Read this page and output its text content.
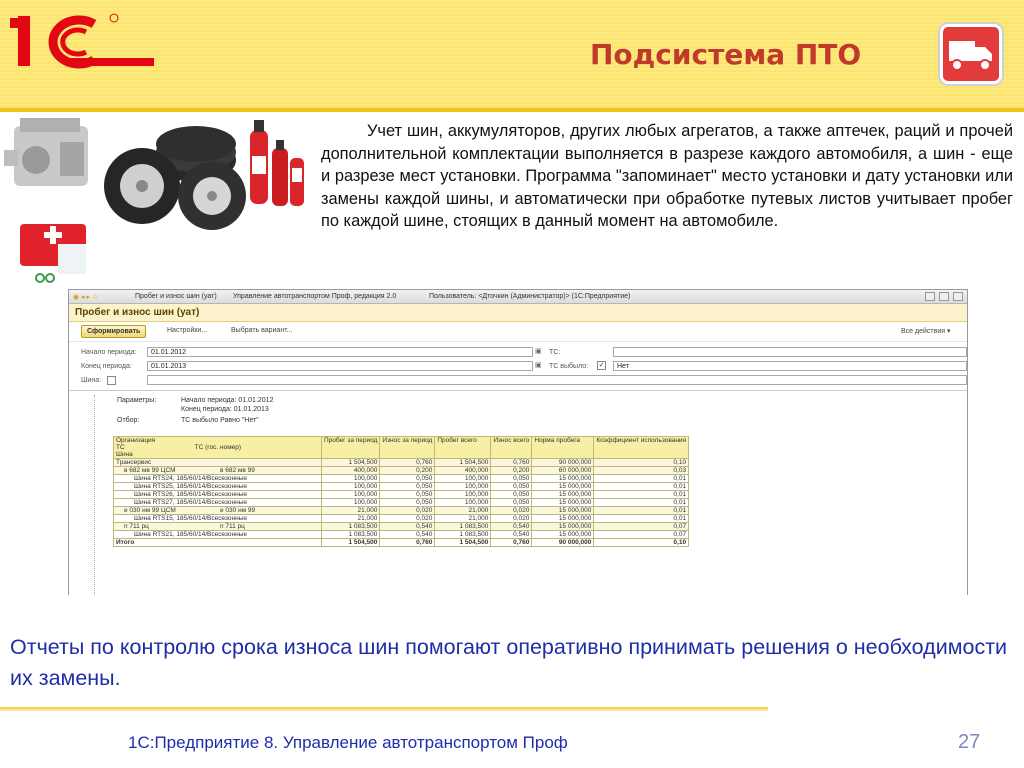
Подсистема ПТО
Учет шин, аккумуляторов, других любых агрегатов, а также аптечек, раций и прочей дополнительной комплектации выполняется в разрезе каждого автомобиля, а шин - еще и разрезе мест установки. Программа "запоминает" место установки и дату установки или замены каждой шины, и автоматически при обработке путевых листов учитывает пробег по каждой шине, стоящих в данный момент на автомобиле.
◉ ◂ ▸ ☆	Пробег и износ шин (уат) Управление автотранспортом Проф, редакция 2.0	Пользователь: <Дточкин (Администратор)> (1С:Предприятие)
Пробег и износ шин (уат)
Сформировать	Настройки...	Выбрать вариант...	Все действия ▾
Начало периода:	01.01.2012	▣
Конец периода:	01.01.2013	▣
ТС:
ТС выбыло: ✓	Нет
Шина:
Параметры:	Начало периода: 01.01.2012
Конец периода: 01.01.2013
Отбор:	ТС выбыло Равно "Нет"
Организация
ТС ТС (гос. номер)
Шина	Пробег за период	Износ за период	Пробег всего	Износ всего	Норма пробега	Коэффициент использования
Трансервис	1 504,500	0,760	1 504,500	0,760	90 000,000	0,10
в 682 мв 99 ЦСМ в 682 мв 99	400,000	0,200	400,000	0,200	60 000,000	0,03
Шина RTS24, 185/60/14/Всесезонные	100,000	0,050	100,000	0,050	15 000,000	0,01
Шина RTS25, 185/60/14/Всесезонные	100,000	0,050	100,000	0,050	15 000,000	0,01
Шина RTS26, 185/60/14/Всесезонные	100,000	0,050	100,000	0,050	15 000,000	0,01
Шина RTS27, 185/60/14/Всесезонные	100,000	0,050	100,000	0,050	15 000,000	0,01
е 030 нм 99 ЦСМ е 030 нм 99	21,000	0,020	21,000	0,020	15 000,000	0,01
Шина RTS15, 185/60/14/Всесезонные	21,000	0,020	21,000	0,020	15 000,000	0,01
п 711 рц п 711 рц	1 083,500	0,540	1 083,500	0,540	15 000,000	0,07
Шина RTS21, 185/60/14/Всесезонные	1 083,500	0,540	1 083,500	0,540	15 000,000	0,07
Итого	1 504,500	0,760	1 504,500	0,760	90 000,000	0,10
Отчеты по контролю срока износа шин помогают оперативно принимать решения о необходимости их замены.
1С:Предприятие 8. Управление автотранспортом Проф	27
